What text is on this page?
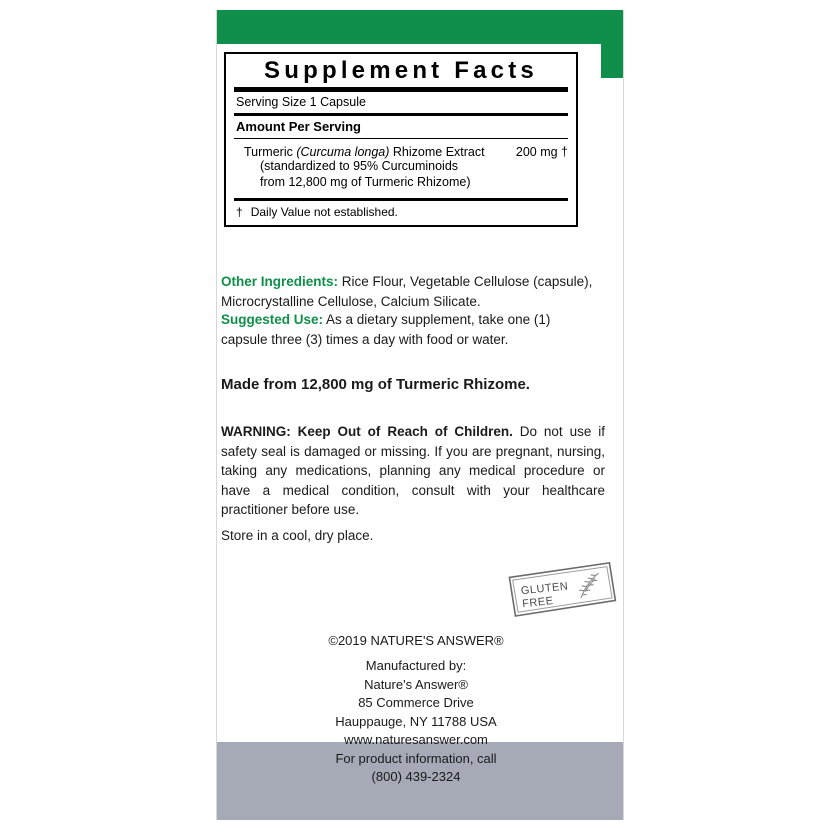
Supplement Facts
Serving Size 1 Capsule
Amount Per Serving
Turmeric (Curcuma longa) Rhizome Extract	200 mg †
(standardized to 95% Curcuminoids
from 12,800 mg of Turmeric Rhizome)
† Daily Value not established.
Other Ingredients: Rice Flour, Vegetable Cellulose (capsule), Microcrystalline Cellulose, Calcium Silicate.
Suggested Use: As a dietary supplement, take one (1) capsule three (3) times a day with food or water.
Made from 12,800 mg of Turmeric Rhizome.
WARNING: Keep Out of Reach of Children. Do not use if safety seal is damaged or missing. If you are pregnant, nursing, taking any medications, planning any medical procedure or have a medical condition, consult with your healthcare practitioner before use.
Store in a cool, dry place.
GLUTEN
FREE
©2019 NATURE'S ANSWER®
Manufactured by:
Nature's Answer®
85 Commerce Drive
Hauppauge, NY 11788 USA
www.naturesanswer.com
For product information, call
(800) 439-2324
